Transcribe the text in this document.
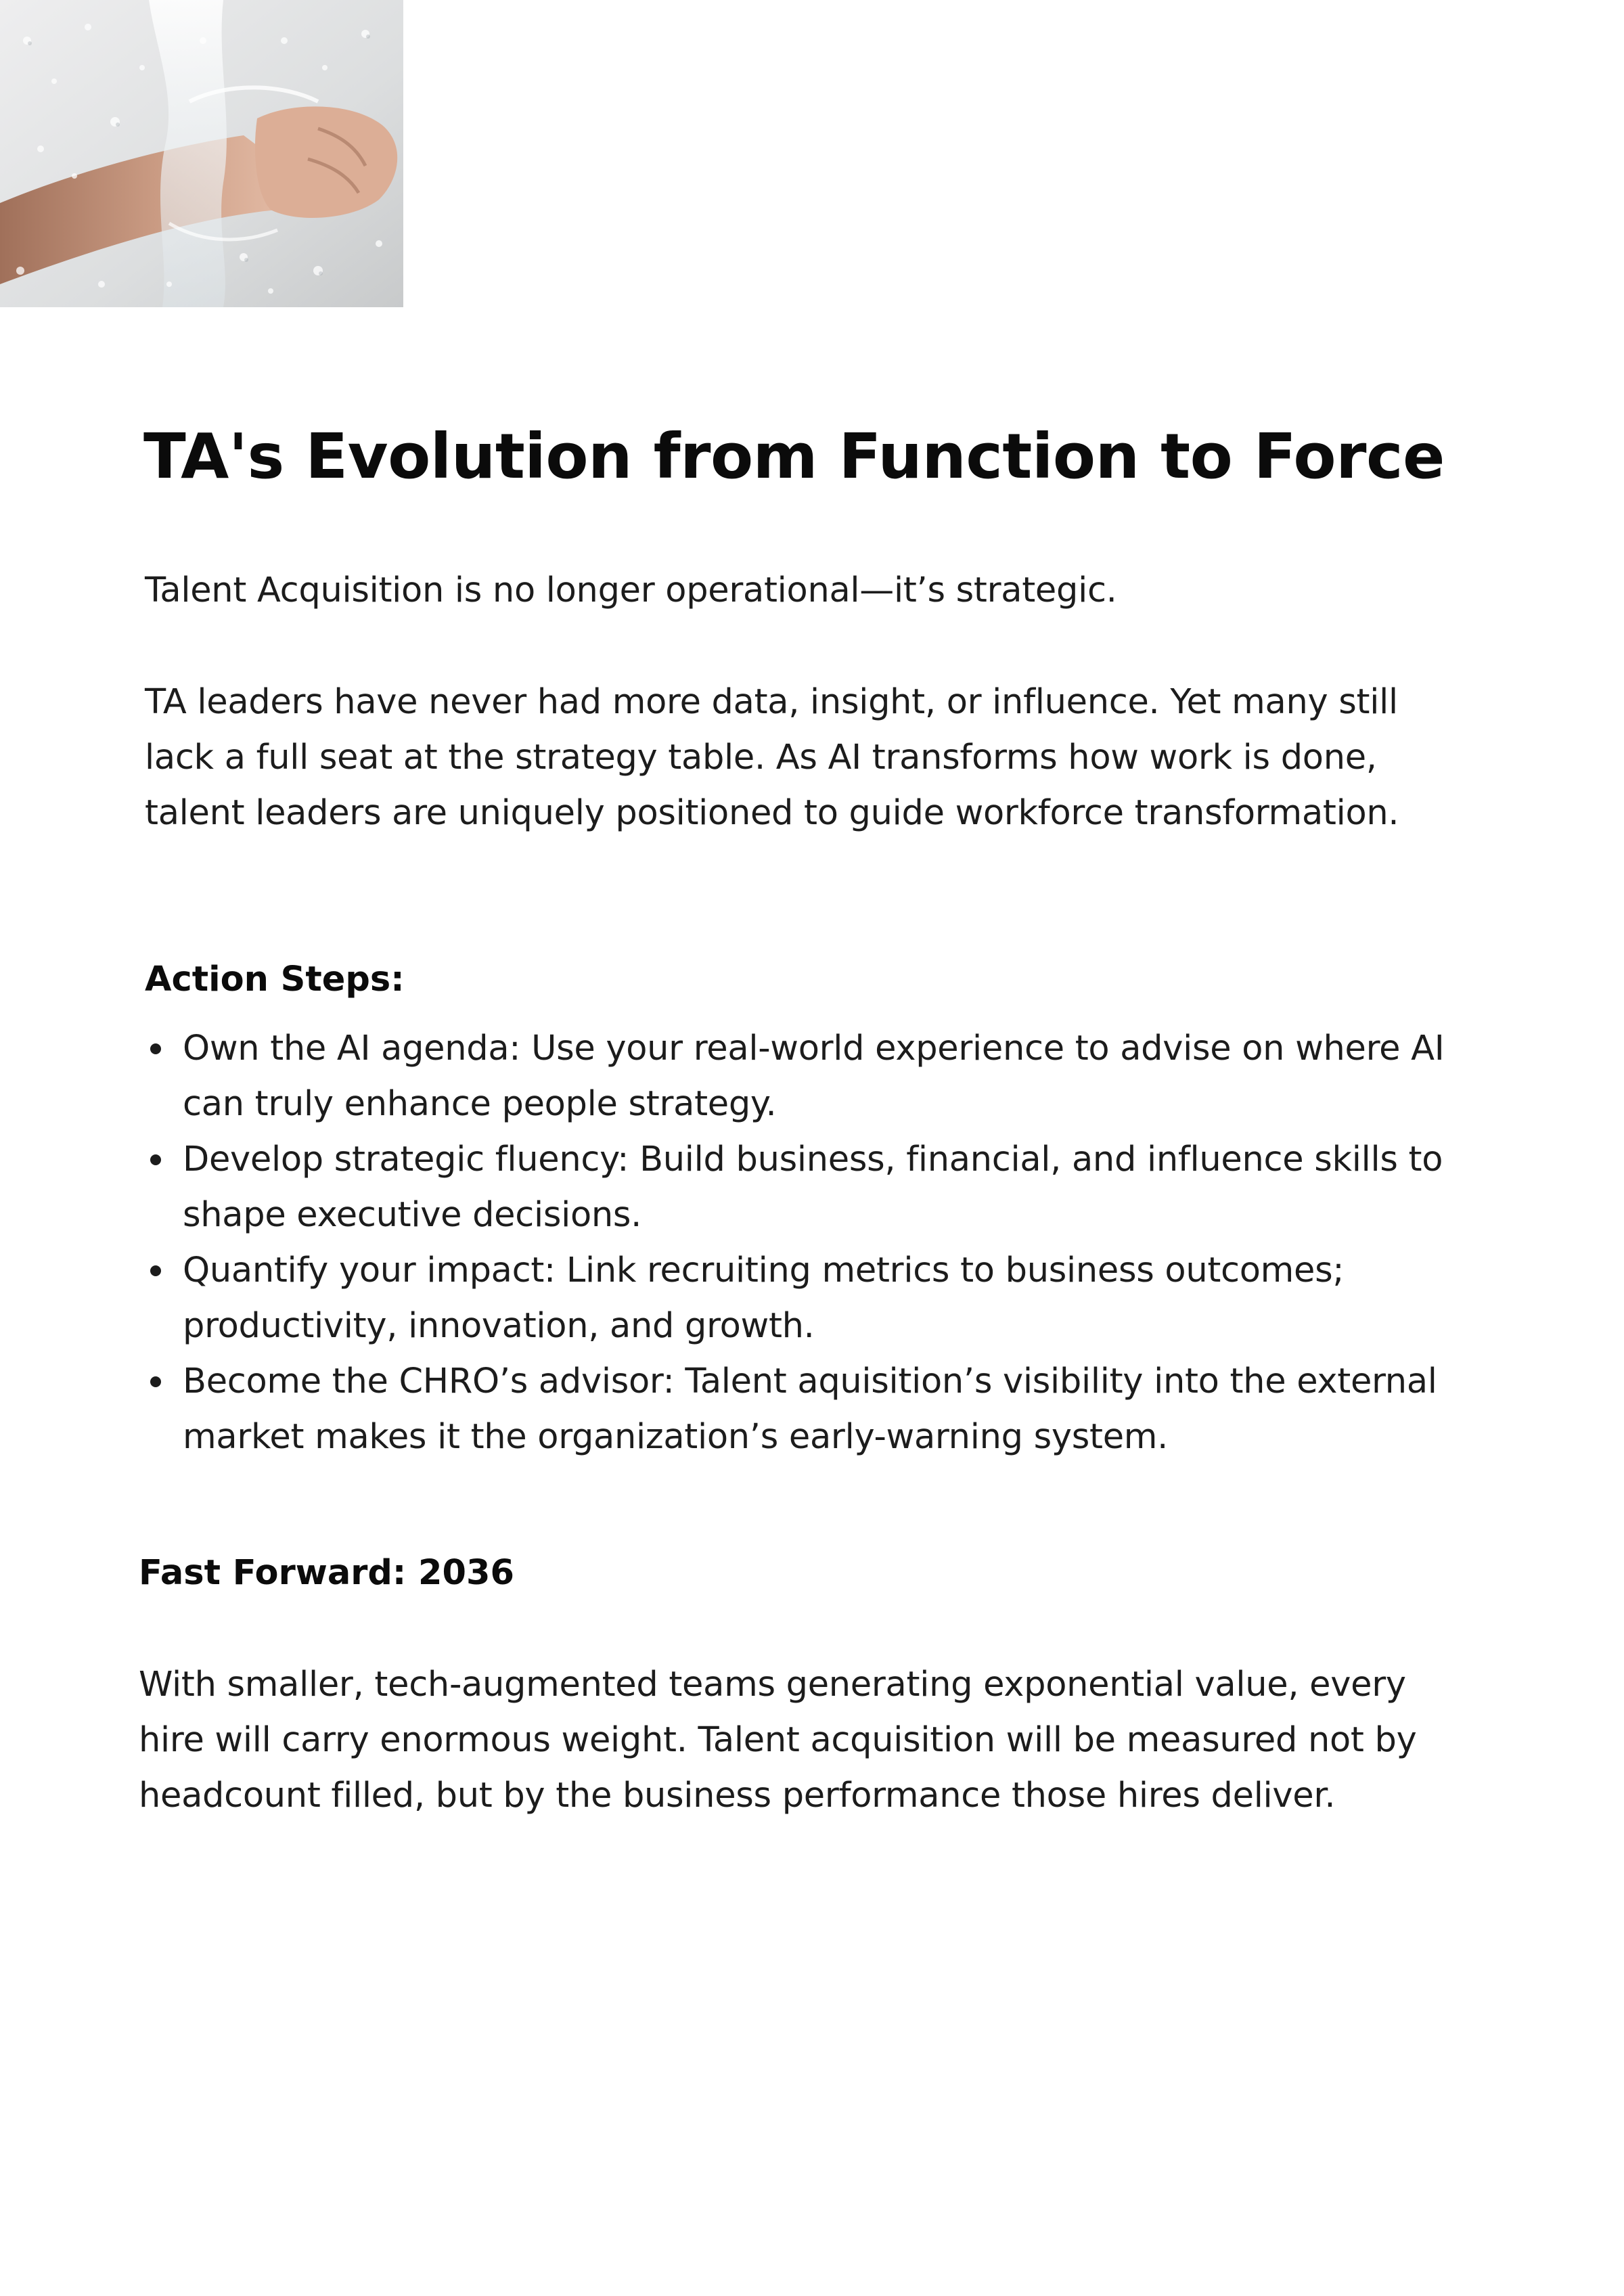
TA's Evolution from Function to Force

Talent Acquisition is no longer operational—it’s strategic.

TA leaders have never had more data, insight, or influence. Yet many still lack a full seat at the strategy table. As AI transforms how work is done, talent leaders are uniquely positioned to guide workforce transformation.

Action Steps:
Own the AI agenda: Use your real-world experience to advise on where AI can truly enhance people strategy.
Develop strategic fluency: Build business, financial, and influence skills to shape executive decisions.
Quantify your impact: Link recruiting metrics to business outcomes; productivity, innovation, and growth.
Become the CHRO’s advisor: Talent aquisition’s visibility into the external market makes it the organization’s early-warning system.
Fast Forward: 2036

With smaller, tech-augmented teams generating exponential value, every hire will carry enormous weight. Talent acquisition will be measured not by headcount filled, but by the business performance those hires deliver.
